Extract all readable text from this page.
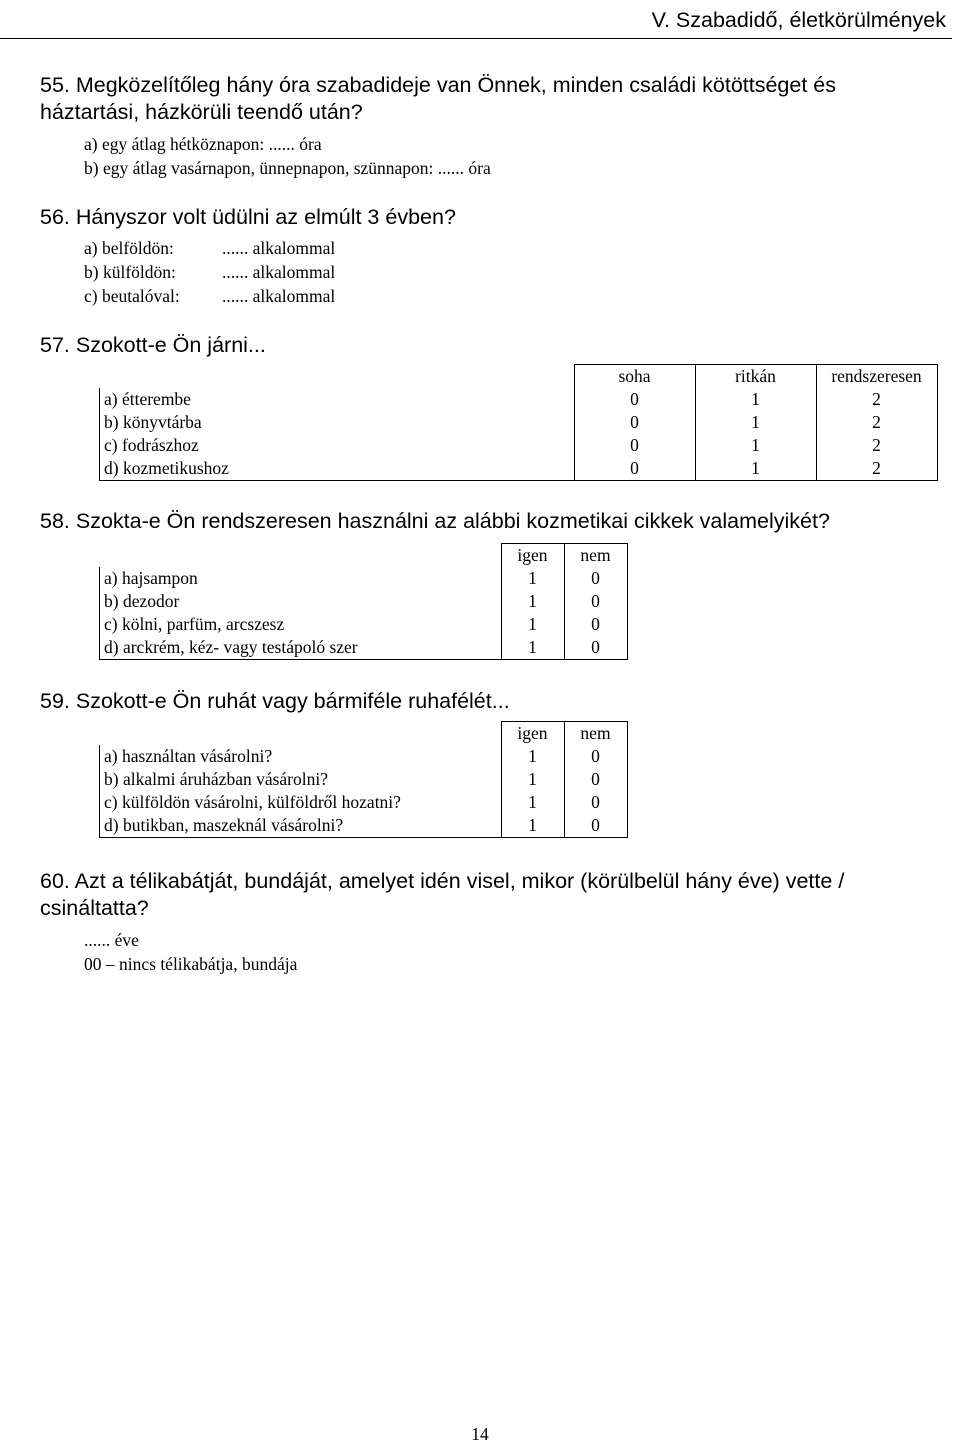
V. Szabadidő, életkörülmények
55. Megközelítőleg hány óra szabadideje van Önnek, minden családi kötöttséget és háztartási, házkörüli teendő után?
a) egy átlag hétköznapon: ...... óra
b) egy átlag vasárnapon, ünnepnapon, szünnapon: ...... óra
56. Hányszor volt üdülni az elmúlt 3 évben?
a) belföldön:	...... alkalommal
b) külföldön:	...... alkalommal
c) beutalóval: ...... alkalommal
57. Szokott-e Ön járni...
	soha	ritkán	rendszeresen
a) étterembe	0	1	2
b) könyvtárba	0	1	2
c) fodrászhoz	0	1	2
d) kozmetikushoz	0	1	2
58. Szokta-e Ön rendszeresen használni az alábbi kozmetikai cikkek valamelyikét?
	igen	nem
a) hajsampon	1	0
b) dezodor	1	0
c) kölni, parfüm, arcszesz	1	0
d) arckrém, kéz- vagy testápoló szer	1	0
59. Szokott-e Ön ruhát vagy bármiféle ruhafélét...
	igen	nem
a) használtan vásárolni?	1	0
b) alkalmi áruházban vásárolni?	1	0
c) külföldön vásárolni, külföldről hozatni?	1	0
d) butikban, maszeknál vásárolni?	1	0
60. Azt a télikabátját, bundáját, amelyet idén visel, mikor (körülbelül hány éve) vette / csináltatta?
...... éve
00 – nincs télikabátja, bundája
14
